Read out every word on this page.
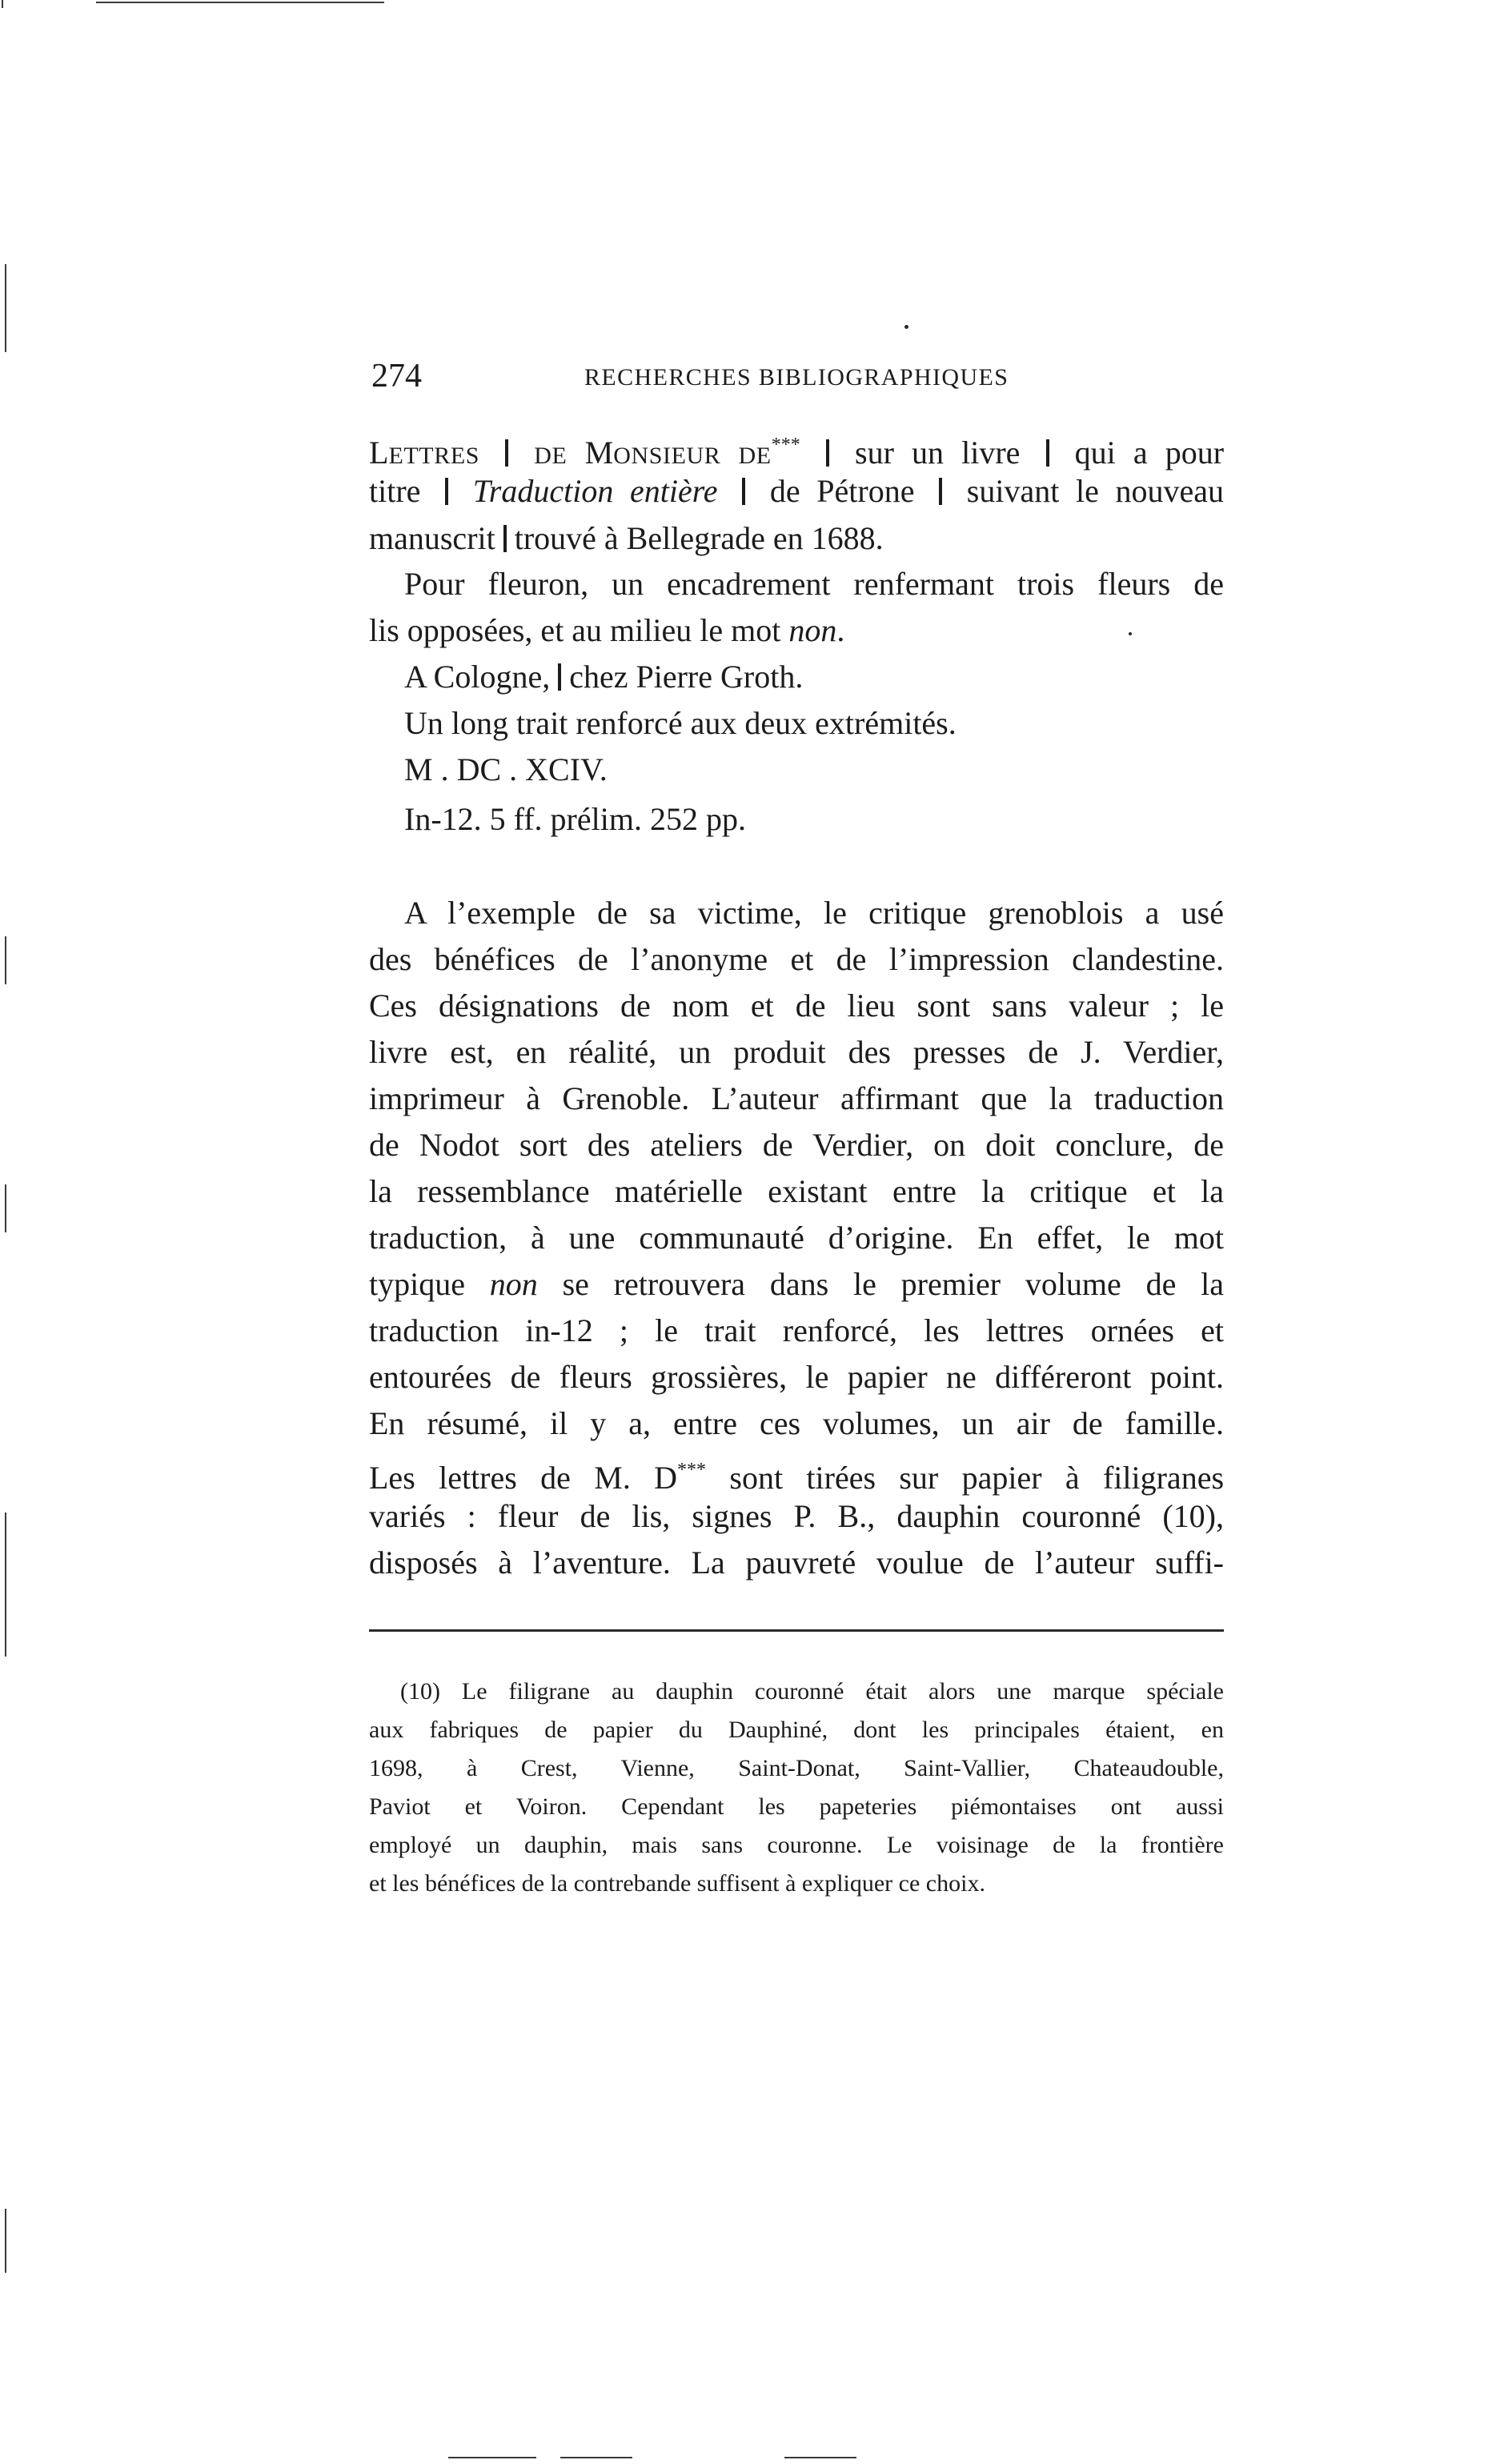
274	RECHERCHES BIBLIOGRAPHIQUES
LETTRES DE MONSIEUR DE*** sur un livre qui a pour
titre Traduction entière de Pétrone suivant le nouveau
manuscrit trouvé à Bellegrade en 1688.
Pour fleuron, un encadrement renfermant trois fleurs de
lis opposées, et au milieu le mot non.
A Cologne, chez Pierre Groth.
Un long trait renforcé aux deux extrémités.
M . DC . XCIV.
In-12. 5 ff. prélim. 252 pp.
A l’exemple de sa victime, le critique grenoblois a usé
des bénéfices de l’anonyme et de l’impression clandestine.
Ces désignations de nom et de lieu sont sans valeur ; le
livre est, en réalité, un produit des presses de J. Verdier,
imprimeur à Grenoble. L’auteur affirmant que la traduction
de Nodot sort des ateliers de Verdier, on doit conclure, de
la ressemblance matérielle existant entre la critique et la
traduction, à une communauté d’origine. En effet, le mot
typique non se retrouvera dans le premier volume de la
traduction in-12 ; le trait renforcé, les lettres ornées et
entourées de fleurs grossières, le papier ne différeront point.
En résumé, il y a, entre ces volumes, un air de famille.
Les lettres de M. D*** sont tirées sur papier à filigranes
variés : fleur de lis, signes P. B., dauphin couronné (10),
disposés à l’aventure. La pauvreté voulue de l’auteur suffi-
(10) Le filigrane au dauphin couronné était alors une marque spéciale
aux fabriques de papier du Dauphiné, dont les principales étaient, en
1698, à Crest, Vienne, Saint-Donat, Saint-Vallier, Chateaudouble,
Paviot et Voiron. Cependant les papeteries piémontaises ont aussi
employé un dauphin, mais sans couronne. Le voisinage de la frontière
et les bénéfices de la contrebande suffisent à expliquer ce choix.
